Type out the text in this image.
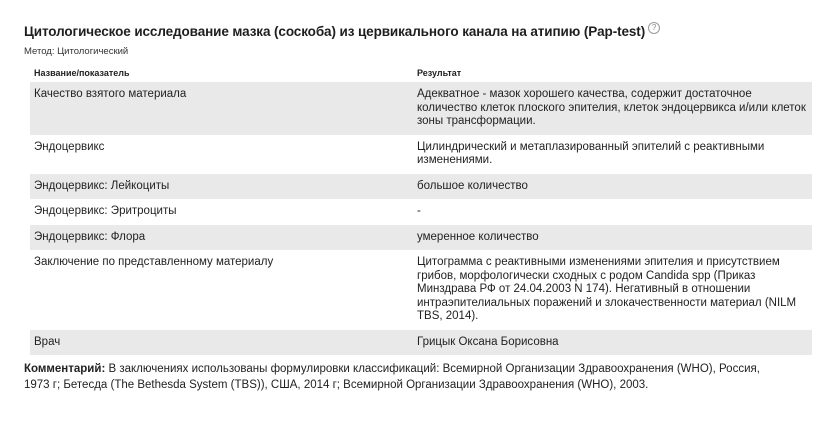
Цитологическое исследование мазка (соскоба) из цервикального канала на атипию (Pap-test) ?
Метод: Цитологический
Название/показатель	Результат
Качество взятого материала	Адекватное - мазок хорошего качества, содержит достаточное количество клеток плоского эпителия, клеток эндоцервикса и/или клеток зоны трансформации.
Эндоцервикс	Цилиндрический и метаплазированный эпителий с реактивными изменениями.
Эндоцервикс: Лейкоциты	большое количество
Эндоцервикс: Эритроциты	-
Эндоцервикс: Флора	умеренное количество
Заключение по представленному материалу	Цитограмма с реактивными изменениями эпителия и присутствием грибов, морфологически сходных с родом Candida spp (Приказ Минздрава РФ от 24.04.2003 N 174). Негативный в отношении интраэпителиальных поражений и злокачественности материал (NILM TBS, 2014).
Врач	Грицык Оксана Борисовна
Комментарий: В заключениях использованы формулировки классификаций: Всемирной Организации Здравоохранения (WHO), Россия, 1973 г; Бетесда (The Bethesda System (TBS)), США, 2014 г; Всемирной Организации Здравоохранения (WHO), 2003.
